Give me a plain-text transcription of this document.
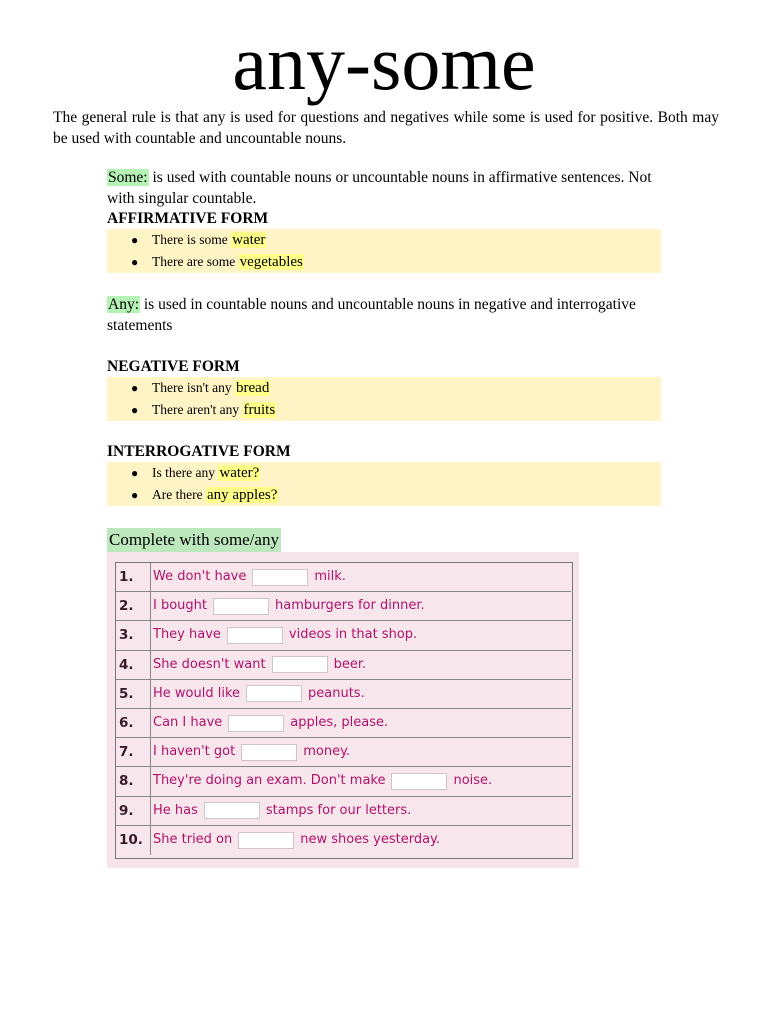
any-some
The general rule is that any is used for questions and negatives while some is used for positive. Both may be used with countable and uncountable nouns.
Some: is used with countable nouns or uncountable nouns in affirmative sentences. Not with singular countable.
AFFIRMATIVE FORM
● There is some water
● There are some vegetables
Any: is used in countable nouns and uncountable nouns in negative and interrogative statements
NEGATIVE FORM
● There isn't any bread
● There aren't any fruits
INTERROGATIVE FORM
● Is there any water?
● Are there any apples?
Complete with some/any
1.	We don't have	milk.
2.	I bought	hamburgers for dinner.
3.	They have	videos in that shop.
4.	She doesn't want	beer.
5.	He would like	peanuts.
6.	Can I have	apples, please.
7.	I haven't got	money.
8.	They're doing an exam. Don't make	noise.
9.	He has	stamps for our letters.
10. She tried on	new shoes yesterday.
